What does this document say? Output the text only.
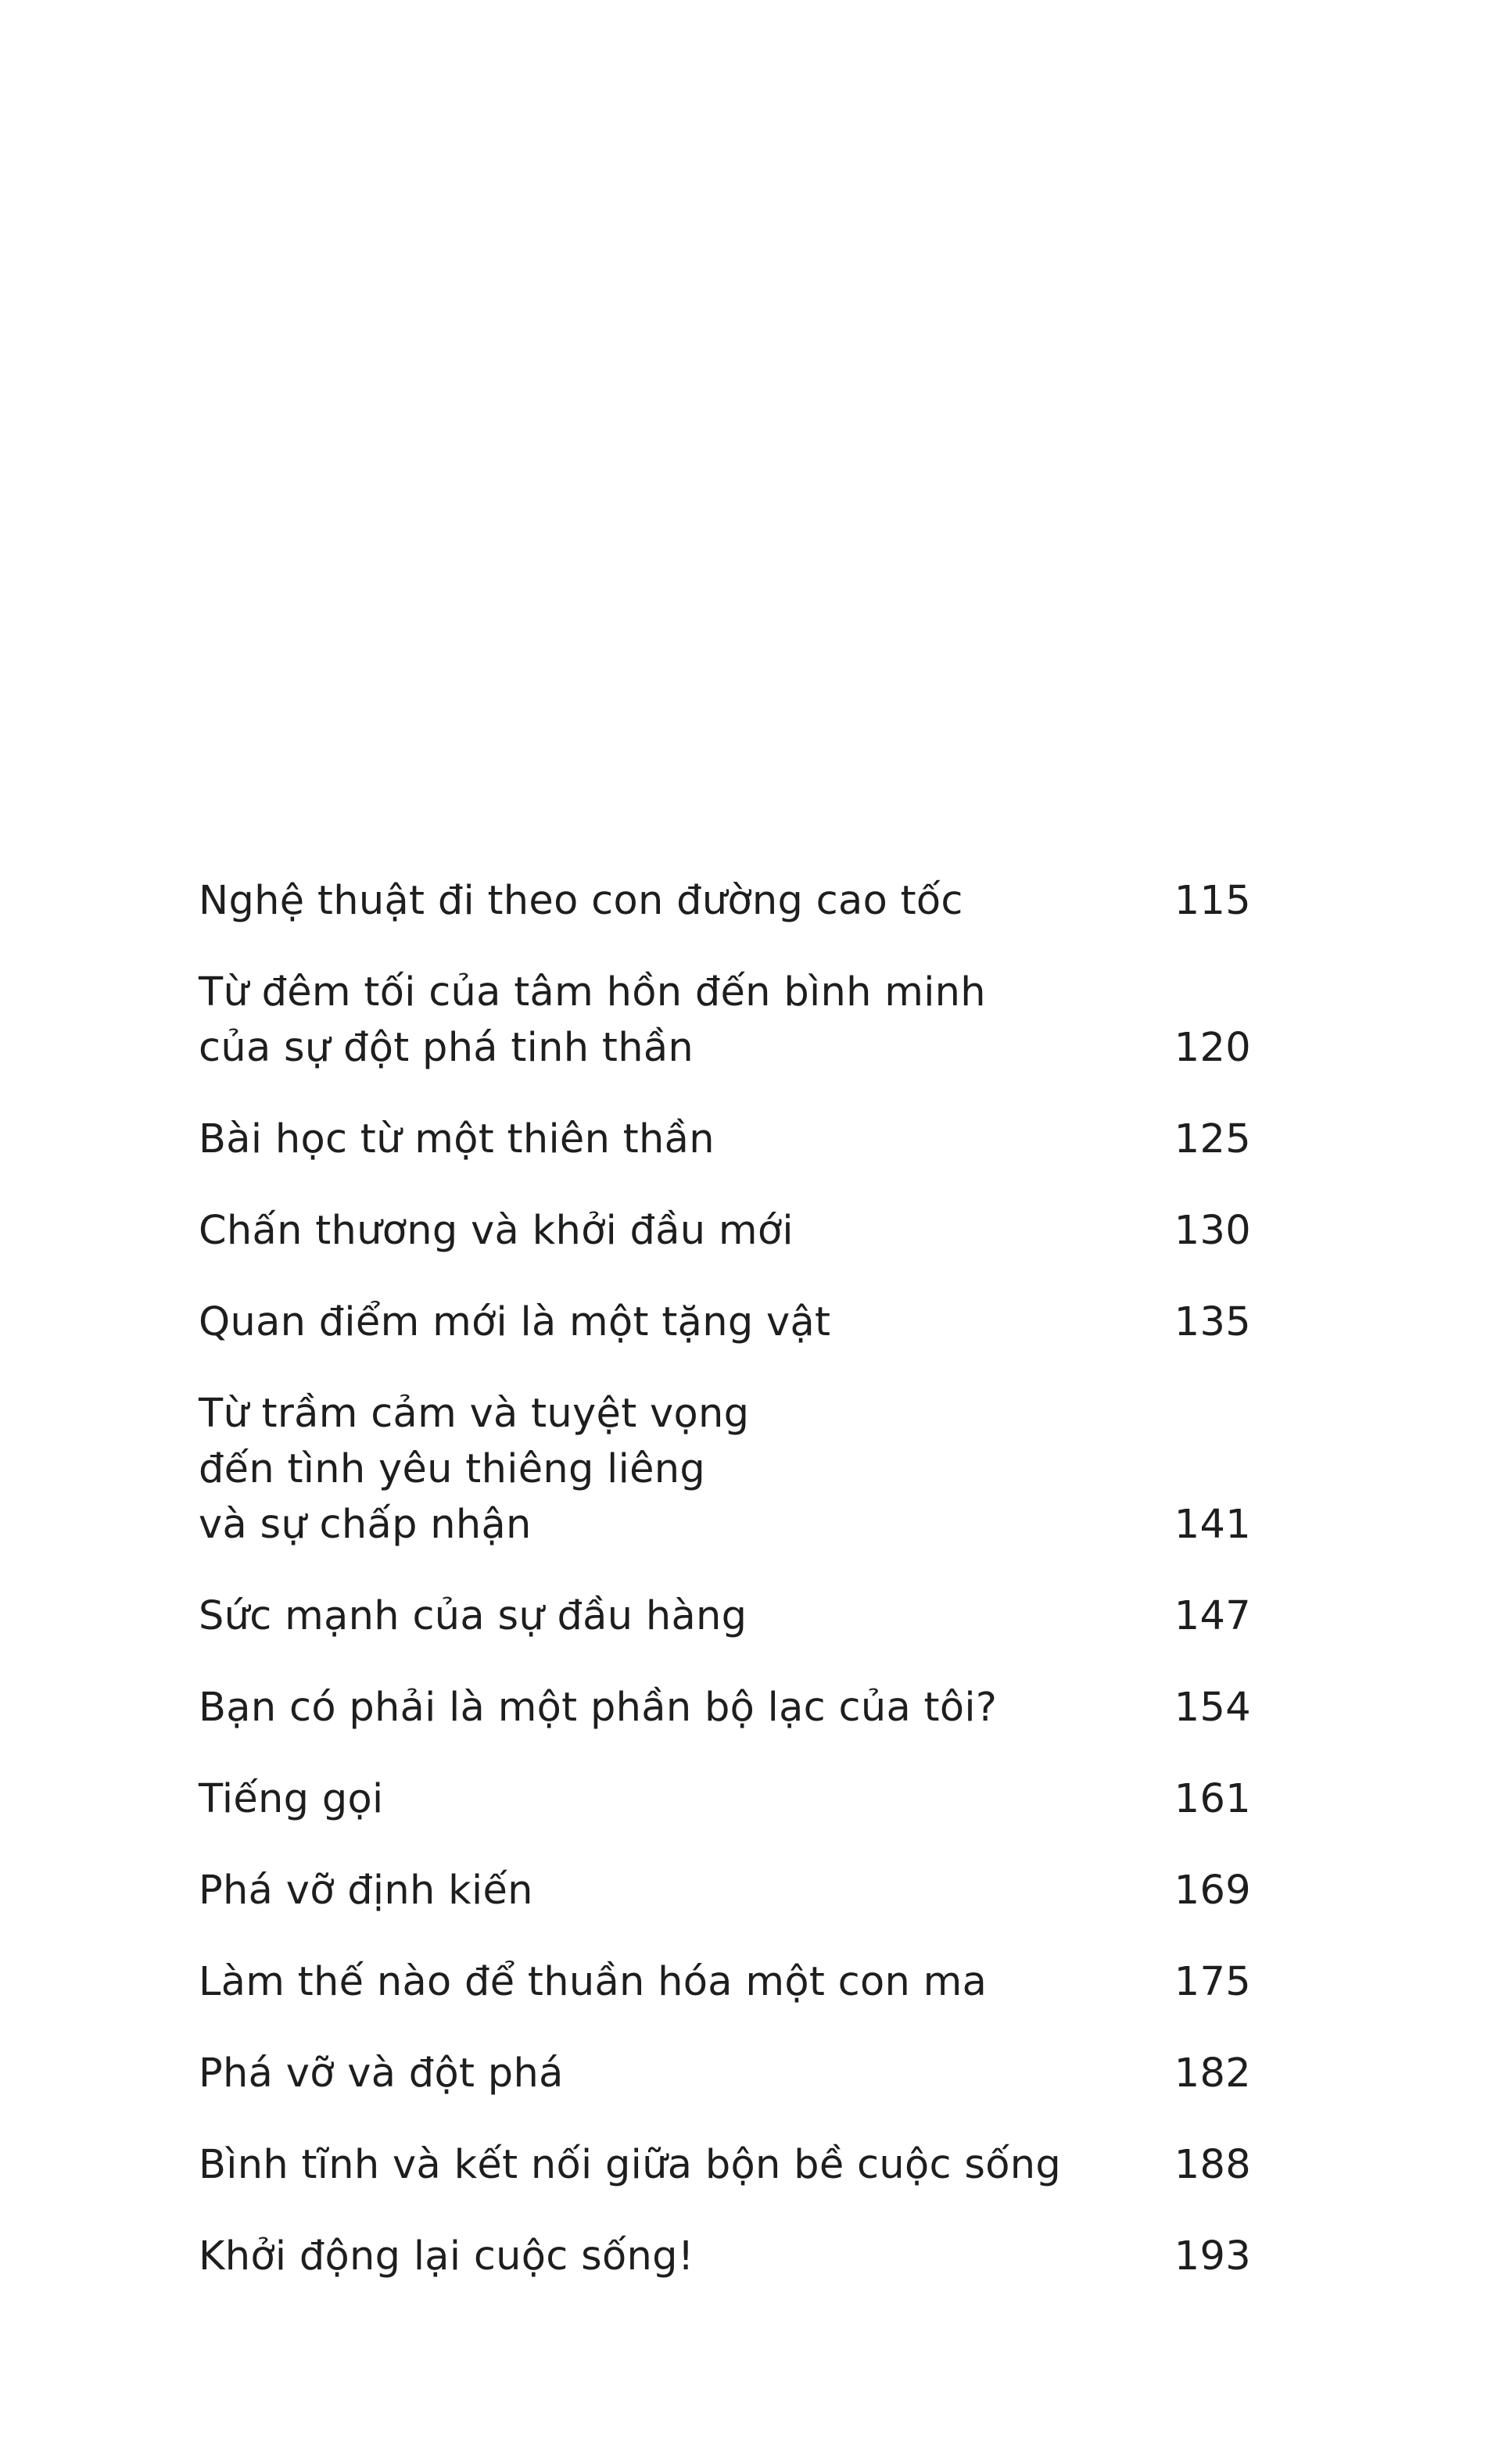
Nghệ thuật đi theo con đường cao tốc	115
Từ đêm tối của tâm hồn đến bình minh
của sự đột phá tinh thần	120
Bài học từ một thiên thần	125
Chấn thương và khởi đầu mới	130
Quan điểm mới là một tặng vật	135
Từ trầm cảm và tuyệt vọng
đến tình yêu thiêng liêng
và sự chấp nhận	141
Sức mạnh của sự đầu hàng	147
Bạn có phải là một phần bộ lạc của tôi?	154
Tiếng gọi	161
Phá vỡ định kiến	169
Làm thế nào để thuần hóa một con ma	175
Phá vỡ và đột phá	182
Bình tĩnh và kết nối giữa bộn bề cuộc sống	188
Khởi động lại cuộc sống!	193
